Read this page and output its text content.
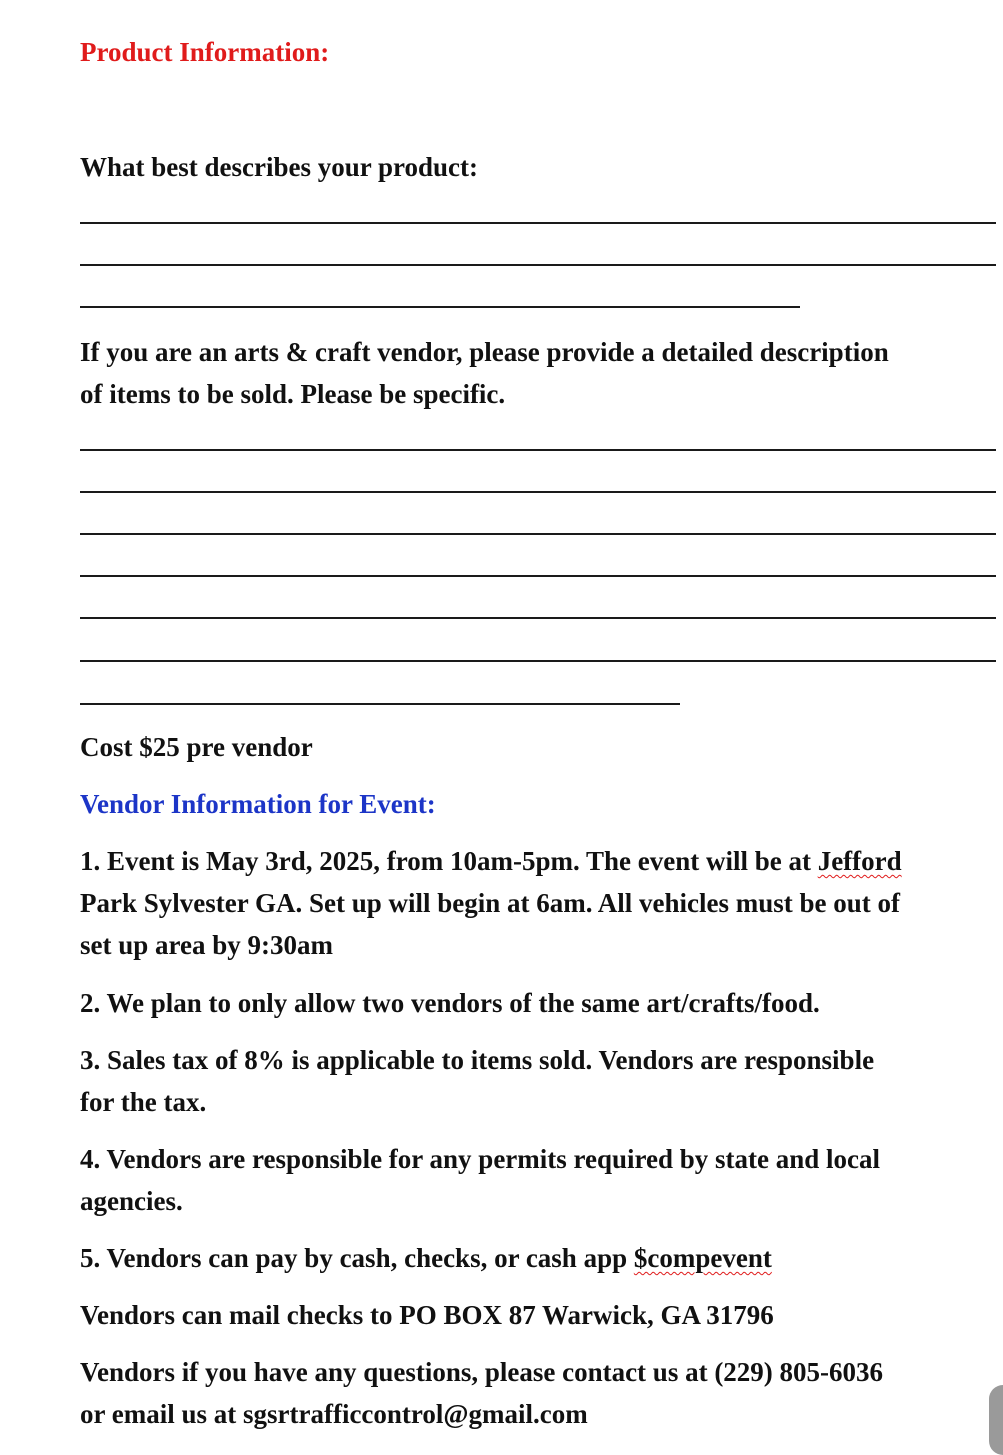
Product Information:

What best describes your product:

If you are an arts & craft vendor, please provide a detailed description

of items to be sold. Please be specific.

Cost $25 pre vendor

Vendor Information for Event:

1. Event is May 3rd, 2025, from 10am-5pm. The event will be at Jefford

Park Sylvester GA. Set up will begin at 6am. All vehicles must be out of

set up area by 9:30am

2. We plan to only allow two vendors of the same art/crafts/food.

3. Sales tax of 8% is applicable to items sold. Vendors are responsible

for the tax.

4. Vendors are responsible for any permits required by state and local

agencies.

5. Vendors can pay by cash, checks, or cash app $compevent

Vendors can mail checks to PO BOX 87 Warwick, GA 31796

Vendors if you have any questions, please contact us at (229) 805-6036

or email us at sgsrtrafficcontrol@gmail.com
